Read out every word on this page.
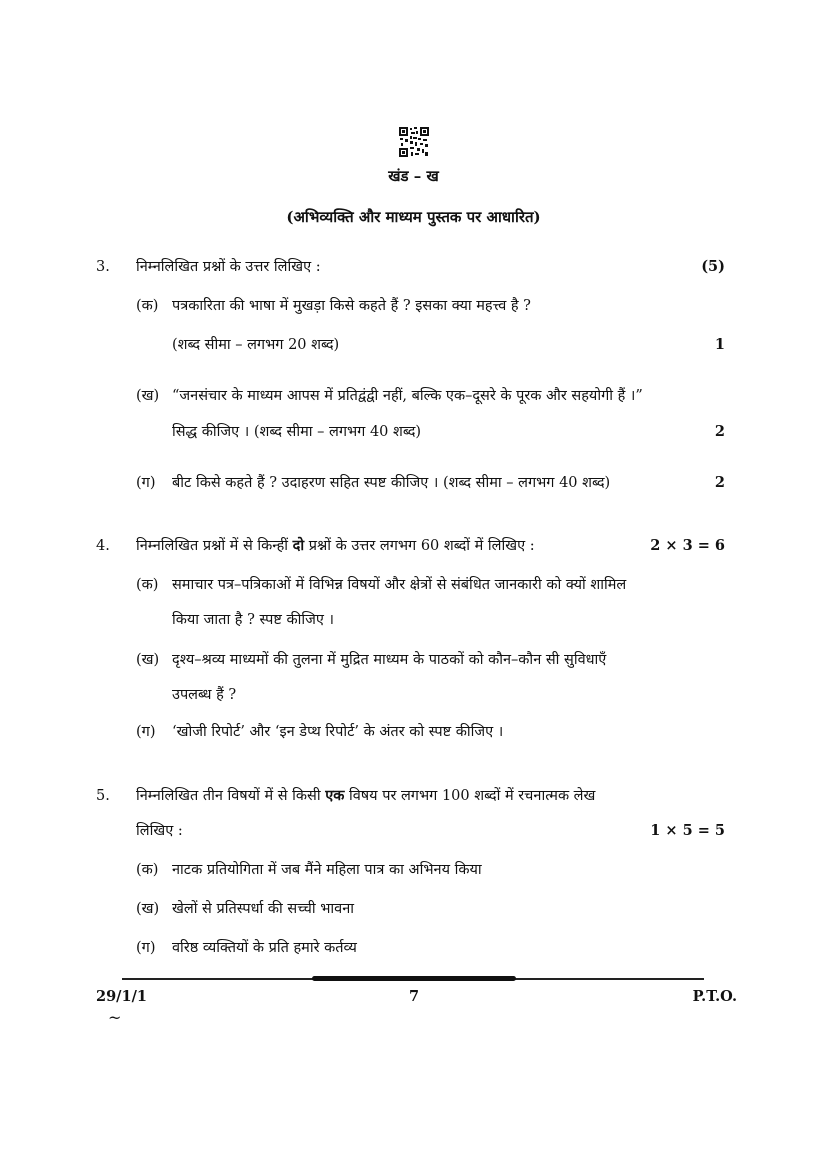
खंड – ख
(अभिव्यक्ति और माध्यम पुस्तक पर आधारित)
3. निम्नलिखित प्रश्नों के उत्तर लिखिए :	(5)
(क) पत्रकारिता की भाषा में मुखड़ा किसे कहते हैं ? इसका क्या महत्त्व है ?
(शब्द सीमा – लगभग 20 शब्द)	1
(ख) “जनसंचार के माध्यम आपस में प्रतिद्वंद्वी नहीं, बल्कि एक–दूसरे के पूरक और सहयोगी हैं ।”
सिद्ध कीजिए । (शब्द सीमा – लगभग 40 शब्द)	2
(ग) बीट किसे कहते हैं ? उदाहरण सहित स्पष्ट कीजिए । (शब्द सीमा – लगभग 40 शब्द)	2
4. निम्नलिखित प्रश्नों में से किन्हीं दो प्रश्नों के उत्तर लगभग 60 शब्दों में लिखिए :	2 × 3 = 6
(क) समाचार पत्र–पत्रिकाओं में विभिन्न विषयों और क्षेत्रों से संबंधित जानकारी को क्यों शामिल
किया जाता है ? स्पष्ट कीजिए ।
(ख) दृश्य–श्रव्य माध्यमों की तुलना में मुद्रित माध्यम के पाठकों को कौन–कौन सी सुविधाएँ
उपलब्ध हैं ?
(ग) ‘खोजी रिपोर्ट’ और ‘इन डेप्थ रिपोर्ट’ के अंतर को स्पष्ट कीजिए ।
5. निम्नलिखित तीन विषयों में से किसी एक विषय पर लगभग 100 शब्दों में रचनात्मक लेख
लिखिए :	1 × 5 = 5
(क) नाटक प्रतियोगिता में जब मैंने महिला पात्र का अभिनय किया
(ख) खेलों से प्रतिस्पर्धा की सच्ची भावना
(ग) वरिष्ठ व्यक्तियों के प्रति हमारे कर्तव्य
29/1/1	7	P.T.O.
~
